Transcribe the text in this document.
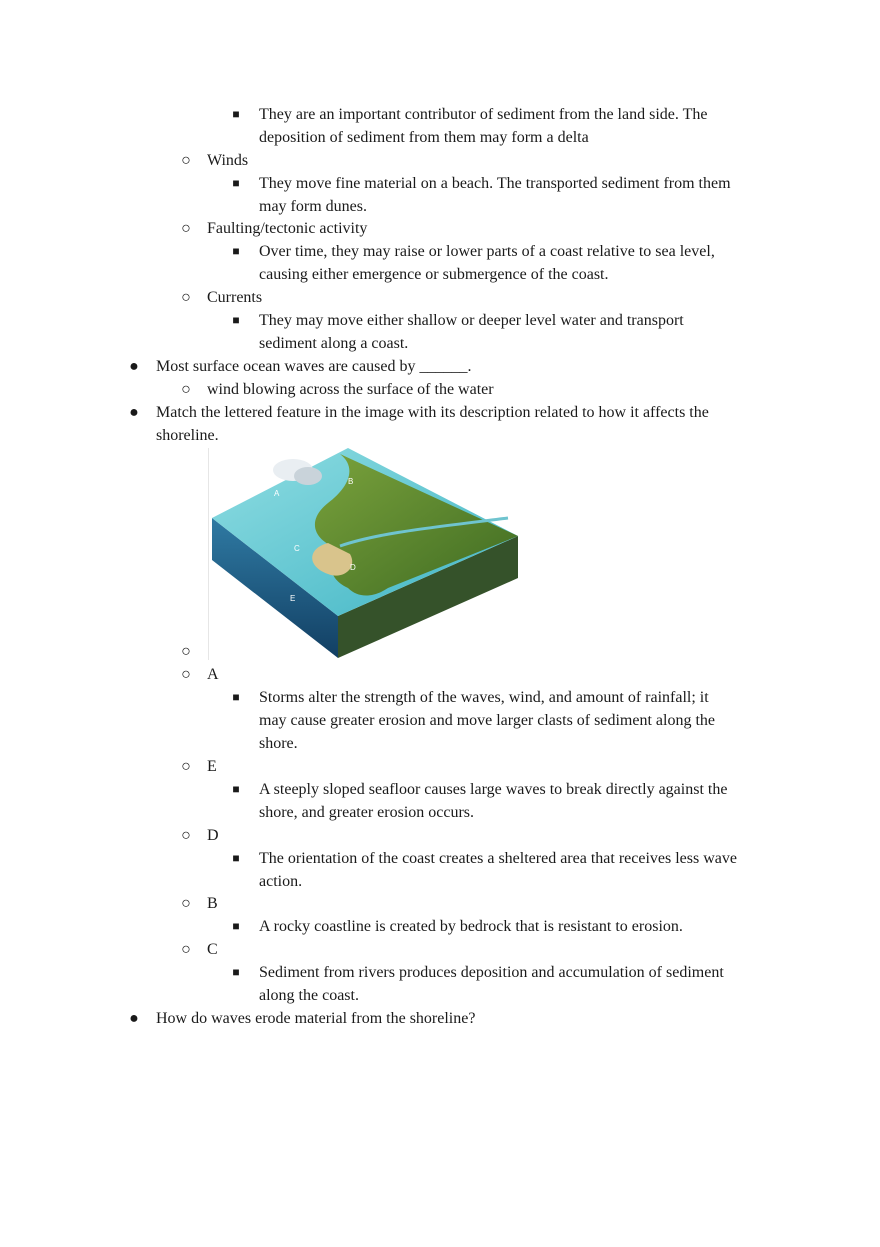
■ They are an important contributor of sediment from the land side. The
deposition of sediment from them may form a delta
○ Winds
■ They move fine material on a beach. The transported sediment from them
may form dunes.
○ Faulting/tectonic activity
■ Over time, they may raise or lower parts of a coast relative to sea level,
causing either emergence or submergence of the coast.
○ Currents
■ They may move either shallow or deeper level water and transport
sediment along a coast.
● Most surface ocean waves are caused by ______.
○ wind blowing across the surface of the water
● Match the lettered feature in the image with its description related to how it affects the
shoreline.
A
B
C
D
E
○
○ A
■ Storms alter the strength of the waves, wind, and amount of rainfall; it
may cause greater erosion and move larger clasts of sediment along the
shore.
○ E
■ A steeply sloped seafloor causes large waves to break directly against the
shore, and greater erosion occurs.
○ D
■ The orientation of the coast creates a sheltered area that receives less wave
action.
○ B
■ A rocky coastline is created by bedrock that is resistant to erosion.
○ C
■ Sediment from rivers produces deposition and accumulation of sediment
along the coast.
● How do waves erode material from the shoreline?
